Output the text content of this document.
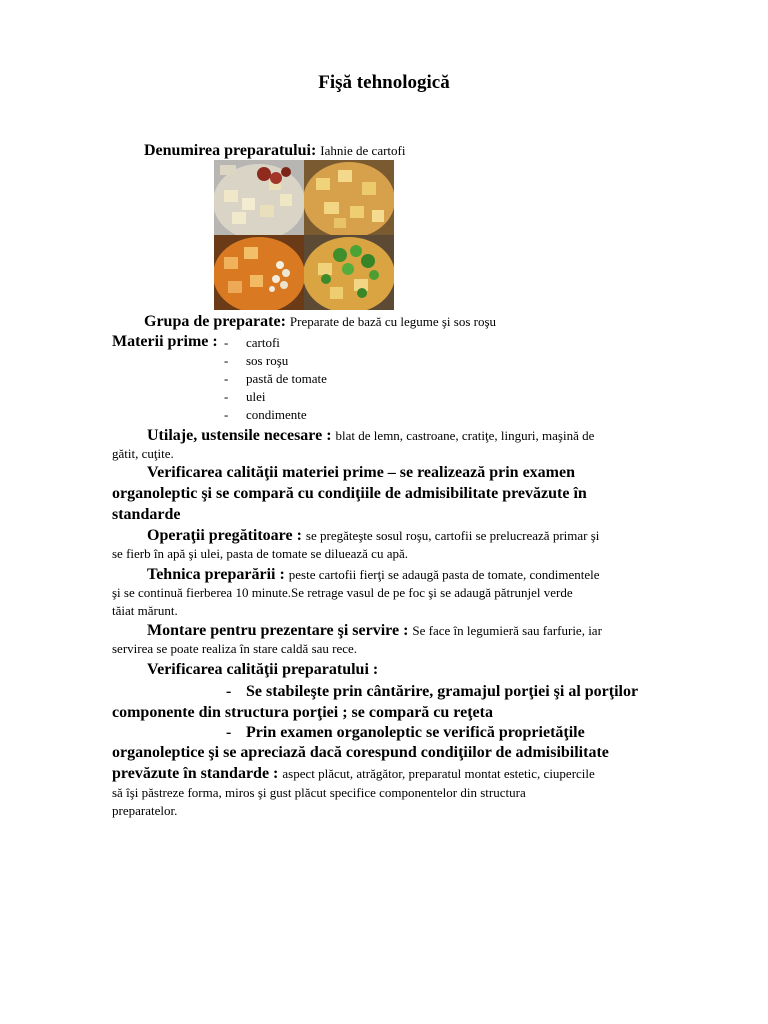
Fişă tehnologică
Denumirea preparatului: Iahnie de cartofi
Grupa de preparate: Preparate de bază cu legume şi sos roşu
Materii prime : - cartofi
- sos roşu
- pastă de tomate
- ulei
- condimente
Utilaje, ustensile necesare : blat de lemn, castroane, cratiţe, linguri, maşină de
gătit, cuţite.
Verificarea calităţii materiei prime – se realizează prin examen
organoleptic şi se compară cu condiţiile de admisibilitate prevăzute în
standarde
Operaţii pregătitoare : se pregăteşte sosul roşu, cartofii se prelucrează primar şi
se fierb în apă şi ulei, pasta de tomate se diluează cu apă.
Tehnica preparării : peste cartofii fierţi se adaugă pasta de tomate, condimentele
şi se continuă fierberea 10 minute.Se retrage vasul de pe foc şi se adaugă pătrunjel verde
tăiat mărunt.
Montare pentru prezentare şi servire : Se face în legumieră sau farfurie, iar
servirea se poate realiza în stare caldă sau rece.
Verificarea calităţii preparatului :
- Se stabileşte prin cântărire, gramajul porţiei şi al porţilor
componente din structura porţiei ; se compară cu reţeta
- Prin examen organoleptic se verifică proprietăţile
organoleptice şi se apreciază dacă corespund condiţiilor de admisibilitate
prevăzute în standarde : aspect plăcut, atrăgător, preparatul montat estetic, ciupercile
să îşi păstreze forma, miros şi gust plăcut specifice componentelor din structura
preparatelor.
